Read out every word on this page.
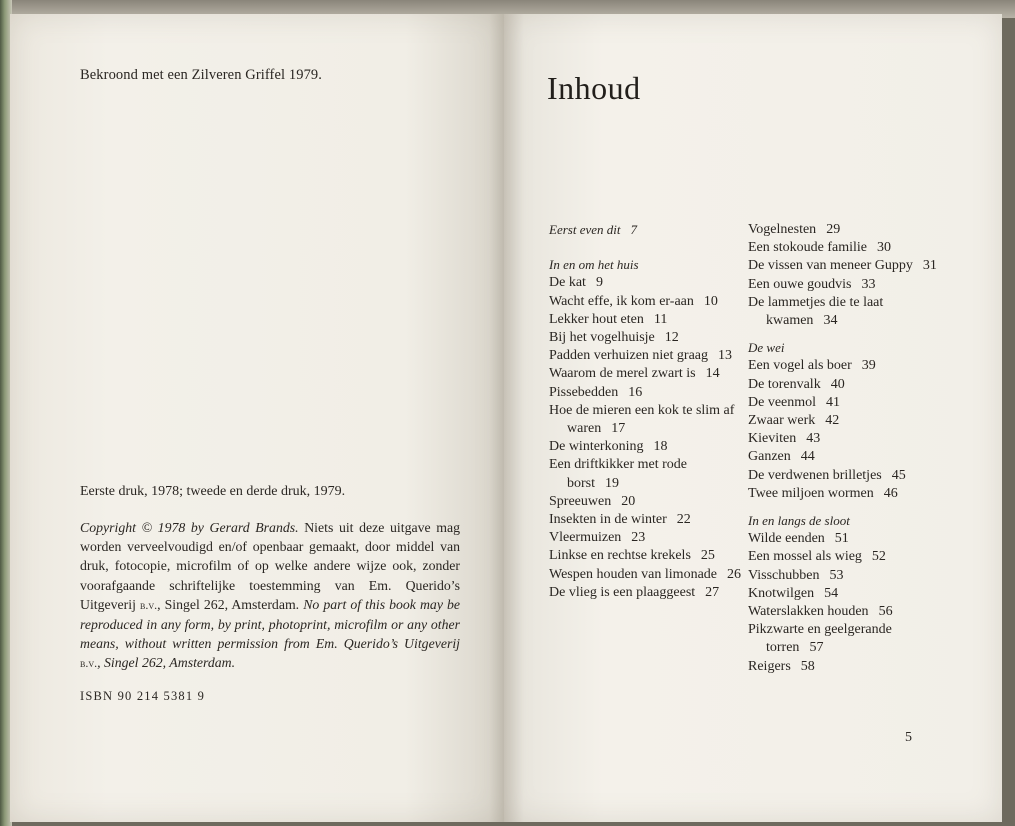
Bekroond met een Zilveren Griffel 1979.
Eerste druk, 1978; tweede en derde druk, 1979.
Copyright © 1978 by Gerard Brands. Niets uit deze uitgave mag worden verveelvoudigd en/of openbaar gemaakt, door middel van druk, fotocopie, microfilm of op welke andere wijze ook, zonder voorafgaande schriftelijke toestemming van Em. Querido’s Uitgeverij b.v., Singel 262, Amsterdam. No part of this book may be reproduced in any form, by print, photoprint, microfilm or any other means, without written permission from Em. Querido’s Uitgeverij b.v., Singel 262, Amsterdam.
ISBN 90 214 5381 9
Inhoud
Eerst even dit 7
In en om het huis
De kat 9
Wacht effe, ik kom er-aan 10
Lekker hout eten 11
Bij het vogelhuisje 12
Padden verhuizen niet graag 13
Waarom de merel zwart is 14
Pissebedden 16
Hoe de mieren een kok te slim af waren 17
De winterkoning 18
Een driftkikker met rode borst 19
Spreeuwen 20
Insekten in de winter 22
Vleermuizen 23
Linkse en rechtse krekels 25
Wespen houden van limonade 26
De vlieg is een plaaggeest 27
Vogelnesten 29
Een stokoude familie 30
De vissen van meneer Guppy 31
Een ouwe goudvis 33
De lammetjes die te laat kwamen 34
De wei
Een vogel als boer 39
De torenvalk 40
De veenmol 41
Zwaar werk 42
Kieviten 43
Ganzen 44
De verdwenen brilletjes 45
Twee miljoen wormen 46
In en langs de sloot
Wilde eenden 51
Een mossel als wieg 52
Visschubben 53
Knotwilgen 54
Waterslakken houden 56
Pikzwarte en geelgerande torren 57
Reigers 58
5
